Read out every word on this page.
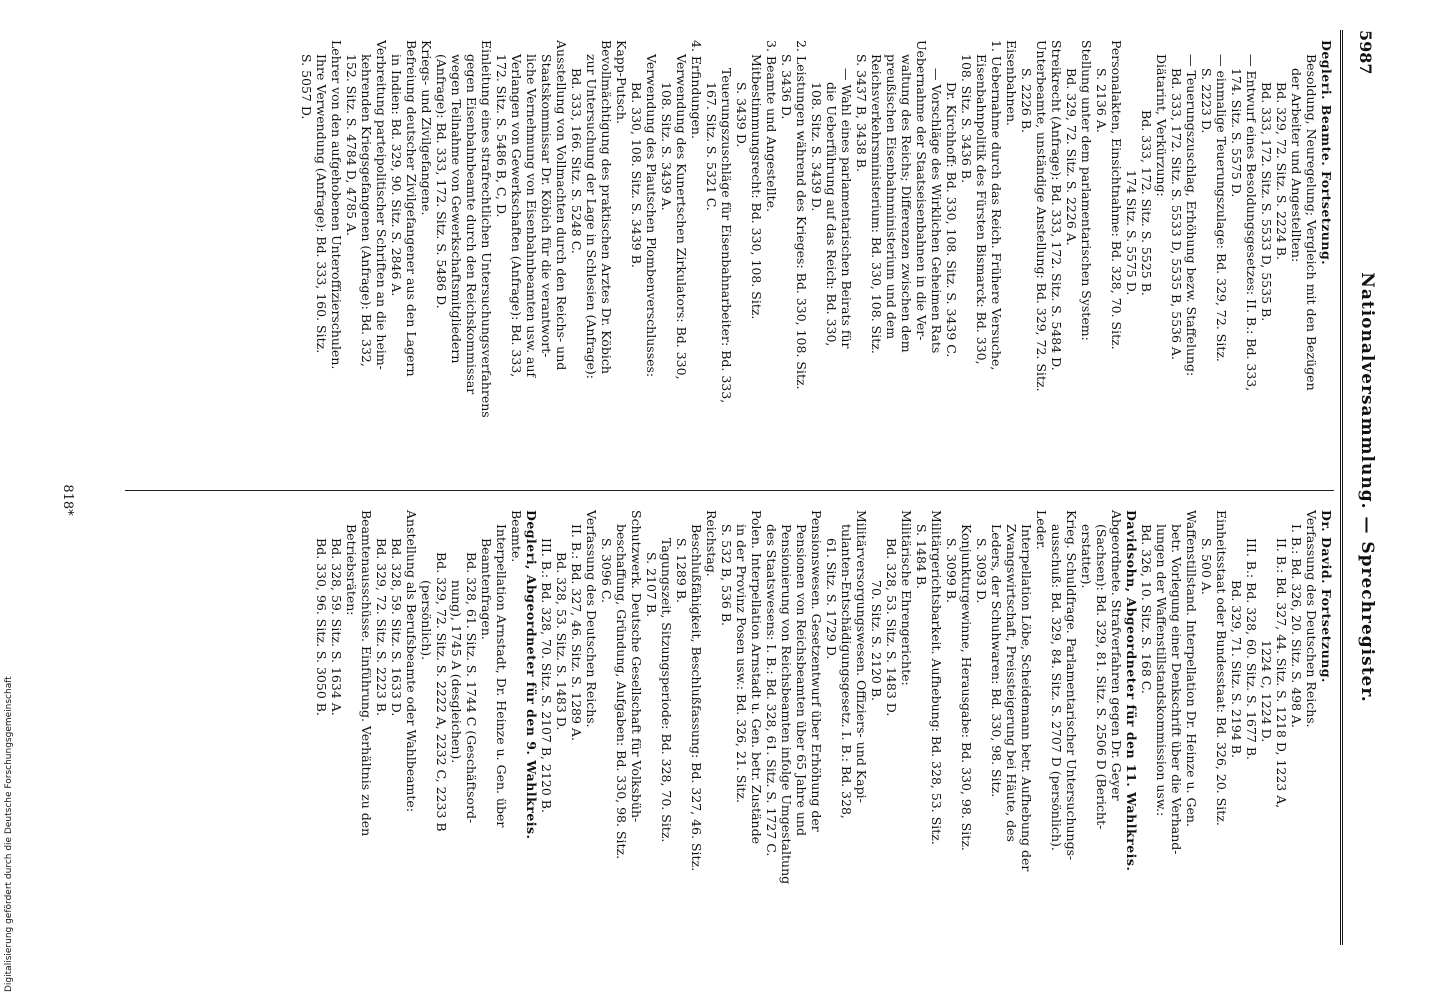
5987
Nationalversammlung. — Sprechregister.
Degleri. Beamte. Fortsetzung.
Besoldung, Neuregelung; Vergleich mit den Bezügen
der Arbeiter und Angestellten:
Bd. 329, 72. Sitz. S. 2224 B.
Bd. 333, 172. Sitz. S. 5533 D, 5535 B.
— Entwurf eines Besoldungsgesetzes: II. B.: Bd. 333,
174. Sitz. S. 5575 D.
— einmalige Teuerungszulage: Bd. 329, 72. Sitz.
S. 2223 D.
— Teuerungszuschlag, Erhöhung bezw. Staffelung:
Bd. 333, 172. Sitz. S. 5533 D, 5535 B, 5536 A.
Diätarint, Verkürzung:
Bd. 333, 172. Sitz. S. 5525 B.
174 Sitz. S. 5575 D.
Personalakten, Einsichtnahme: Bd. 328, 70. Sitz.
S. 2136 A.
Stellung unter dem parlamentarischen System:
Bd. 329, 72. Sitz. S. 2226 A.
Streikrecht (Anfrage): Bd. 333, 172. Sitz. S. 5484 D.
Unterbeamte, unständige Anstellung: Bd. 329, 72. Sitz.
S. 2226 B.
Eisenbahnen.
1. Uebernahme durch das Reich. Frühere Versuche,
Eisenbahnpolitik des Fürsten Bismarck: Bd. 330,
108. Sitz. S. 3436 B.
Dr. Kirchhoff: Bd. 330, 108. Sitz. S. 3439 C.
— Vorschläge des Wirklichen Geheimen Rats
Uebernahme der Staatseisenbahnen in die Ver-
waltung des Reichs; Differenzen zwischen dem
preußischen Eisenbahnministerium und dem
Reichsverkehrsministerium: Bd. 330, 108. Sitz.
S. 3437 B, 3438 B.
— Wahl eines parlamentarischen Beirats für
die Ueberführung auf das Reich: Bd. 330,
108. Sitz. S. 3439 D.
2. Leistungen während des Krieges: Bd. 330, 108. Sitz.
S. 3436 D.
3. Beamte und Angestellte.
Mitbestimmungsrecht: Bd. 330, 108. Sitz.
S. 3439 D.
Teuerungszuschläge für Eisenbahnarbeiter: Bd. 333,
167. Sitz. S. 5321 C.
4. Erfindungen.
Verwendung des Kunertschen Zirkulators: Bd. 330,
108. Sitz. S. 3439 A.
Verwendung des Plautschen Plombenverschlusses:
Bd. 330, 108. Sitz. S. 3439 B.
Kapp-Putsch.
Bevollmächtigung des praktischen Arztes Dr. Köbich
zur Untersuchung der Lage in Schlesien (Anfrage):
Bd. 333, 166. Sitz. S. 5248 C.
Ausstellung von Vollmachten durch den Reichs- und
Staatskommissar Dr. Köbich für die verantwort-
liche Vernehmung von Eisenbahnbeamten usw. auf
Verlangen von Gewerkschaften (Anfrage): Bd. 333,
172. Sitz. S. 5486 B, C, D.
Einleitung eines strafrechtlichen Untersuchungsverfahrens
gegen Eisenbahnbeamte durch den Reichskommissar
wegen Teilnahme von Gewerkschaftsmitgliedern
(Anfrage): Bd. 333, 172. Sitz. S. 5486 D.
Kriegs- und Zivilgefangene.
Befreiung deutscher Zivilgefangener aus den Lagern
in Indien: Bd. 329, 90. Sitz. S. 2846 A.
Verbreitung parteipolitischer Schriften an die heim-
kehrenden Kriegsgefangenen (Anfrage): Bd. 332,
152. Sitz. S. 4784 D, 4785 A.
Lehrer von den aufgehobenen Unteroffizierschulen.
Ihre Verwendung (Anfrage): Bd. 333, 160. Sitz.
S. 5057 D.
Dr. David. Fortsetzung.
Verfassung des Deutschen Reichs.
I. B.: Bd. 326, 20. Sitz. S. 498 A.
II. B.: Bd. 327, 44. Sitz. S. 1218 D, 1223 A,
1224 C, 1224 D.
III. B.: Bd. 328, 60. Sitz. S. 1677 B.
Bd. 329, 71. Sitz. S. 2194 B.
Einheitsstaat oder Bundesstaat: Bd. 326, 20. Sitz.
S. 500 A.
Waffenstillstand. Interpellation Dr. Heinze u. Gen.
betr. Vorlegung einer Denkschrift über die Verhand-
lungen der Waffenstillstandskommission usw.:
Bd. 326, 10. Sitz. S. 168 C.
Davidsohn, Abgeordneter für den 11. Wahlkreis.
Abgeordnete. Strafverfahren gegen Dr. Geyer
(Sachsen): Bd. 329, 81. Sitz. S. 2506 D (Bericht-
erstatter).
Krieg. Schuldfrage. Parlamentarischer Untersuchungs-
ausschuß: Bd. 329, 84. Sitz. S. 2707 D (persönlich).
Leder.
Interpellation Löbe, Scheidemann betr. Aufhebung der
Zwangswirtschaft, Preissteigerung bei Häute, des
Leders, der Schuhwaren: Bd. 330, 98. Sitz.
S. 3093 D.
Konjunkturgewinne, Herausgabe: Bd. 330, 98. Sitz.
S. 3099 B.
Militärgerichtsbarkeit. Aufhebung: Bd. 328, 53. Sitz.
S. 1484 B.
Militärische Ehrengerichte:
Bd. 328, 53. Sitz. S. 1483 D.
70. Sitz. S. 2120 B.
Militärversorgungswesen. Offiziers- und Kapi-
tulanten-Entschädigungsgesetz. I. B.: Bd. 328,
61. Sitz. S. 1729 D.
Pensionswesen. Gesetzentwurf über Erhöhung der
Pensionen von Reichsbeamten über 65 Jahre und
Pensionierung von Reichsbeamten infolge Umgestaltung
des Staatswesens: I. B.: Bd. 328, 61. Sitz. S. 1727 C.
Polen. Interpellation Arnstadt u. Gen. betr. Zustände
in der Provinz Posen usw.: Bd. 326, 21. Sitz.
S. 532 B, 536 B.
Reichstag.
Beschlußfähigkeit, Beschlußfassung: Bd. 327, 46. Sitz.
S. 1289 B.
Tagungszeit, Sitzungsperiode: Bd. 328, 70. Sitz.
S. 2107 B.
Schutzwerk. Deutsche Gesellschaft für Volksbüh-
beschaffung, Gründung, Aufgaben: Bd. 330, 98. Sitz.
S. 3096 C.
Verfassung des Deutschen Reichs.
II. B.: Bd. 327, 46. Sitz. S. 1289 A.
Bd. 328, 53. Sitz. S. 1483 D.
III. B.: Bd. 328, 70. Sitz. S. 2107 B, 2120 B.
Degleri, Abgeordneter für den 9. Wahlkreis.
Beamte.
Interpellation Arnstadt, Dr. Heinze u. Gen. über
Beamtenfragen.
Bd. 328, 61. Sitz. S. 1744 C (Geschäftsord-
nung), 1745 A (desgleichen).
Bd. 329, 72. Sitz. S. 2222 A, 2232 C, 2233 B
(persönlich).
Anstellung als Berufsbeamte oder Wahlbeamte:
Bd. 328, 59. Sitz. S. 1633 D.
Bd. 329, 72. Sitz. S. 2223 B.
Beamtenausschüsse. Einführung. Verhältnis zu den
Betriebsräten:
Bd. 328, 59. Sitz. S. 1634 A.
Bd. 330, 96. Sitz. S. 3050 B.
818*
Digitalisierung gefördert durch die Deutsche Forschungsgemeinschaft
